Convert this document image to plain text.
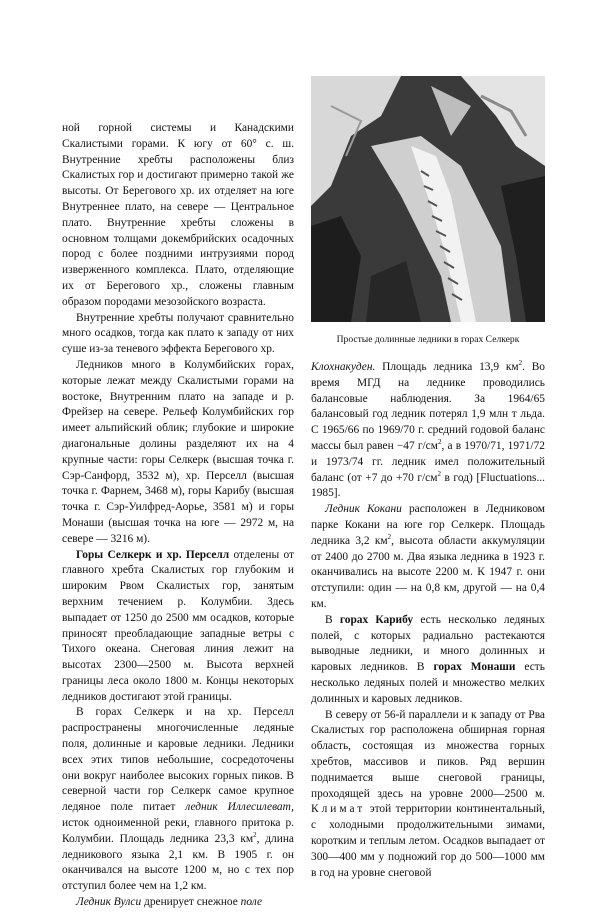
ной горной системы и Канадскими Скалистыми горами. К югу от 60° с. ш. Внутренние хребты расположены близ Скалистых гор и достигают примерно такой же высоты. От Берегового хр. их отделяет на юге Внутреннее плато, на севере — Центральное плато. Внутренние хребты сложены в основном толщами докембрийских осадочных пород с более поздними интрузиями пород изверженного комплекса. Плато, отделяющие их от Берегового хр., сложены главным образом породами мезозойского возраста.

Внутренние хребты получают сравнительно много осадков, тогда как плато к западу от них суше из-за теневого эффекта Берегового хр.

Ледников много в Колумбийских горах, которые лежат между Скалистыми горами на востоке, Внутренним плато на западе и р. Фрейзер на севере. Рельеф Колумбийских гор имеет альпийский облик; глубокие и широкие диагональные долины разделяют их на 4 крупные части: горы Селкерк (высшая точка г. Сэр-Санфорд, 3532 м), хр. Перселл (высшая точка г. Фарнем, 3468 м), горы Карибу (высшая точка г. Сэр-Уилфред-Аорье, 3581 м) и горы Монаши (высшая точка на юге — 2972 м, на севере — 3216 м).

Горы Селкерк и хр. Перселл отделены от главного хребта Скалистых гор глубоким и широким Рвом Скалистых гор, занятым верхним течением р. Колумбии. Здесь выпадает от 1250 до 2500 мм осадков, которые приносят преобладающие западные ветры с Тихого океана. Снеговая линия лежит на высотах 2300—2500 м. Высота верхней границы леса около 1800 м. Концы некоторых ледников достигают этой границы.

В горах Селкерк и на хр. Перселл распространены многочисленные ледяные поля, долинные и каровые ледники. Ледники всех этих типов небольшие, сосредоточены они вокруг наиболее высоких горных пиков. В северной части гор Селкерк самое крупное ледяное поле питает ледник Иллесилеват, исток одноименной реки, главного притока р. Колумбии. Площадь ледника 23,3 $км^2$, длина ледникового языка 2,1 км. В 1905 г. он оканчивался на высоте 1200 м, но с тех пор отступил более чем на 1,2 км.

Ледник Вулси дренирует снежное поле

Простые долинные ледники в горах Селкерк

Клохнакуден. Площадь ледника 13,9 $км^2$. Во время МГД на леднике проводились балансовые наблюдения. За 1964/65 балансовый год ледник потерял 1,9 млн т льда. С 1965/66 по 1969/70 г. средний годовой баланс массы был равен −47 $г/см^2$, а в 1970/71, 1971/72 и 1973/74 гг. ледник имел положительный баланс (от +7 до +70 $г/см^2$ в год) [Fluctuations... 1985].

Ледник Кокани расположен в Ледниковом парке Кокани на юге гор Селкерк. Площадь ледника 3,2 $км^2$, высота области аккумуляции от 2400 до 2700 м. Два языка ледника в 1923 г. оканчивались на высоте 2200 м. К 1947 г. они отступили: один — на 0,8 км, другой — на 0,4 км.

В горах Карибу есть несколько ледяных полей, с которых радиально растекаются выводные ледники, и много долинных и каровых ледников. В горах Монаши есть несколько ледяных полей и множество мелких долинных и каровых ледников.

В северу от 56-й параллели и к западу от Рва Скалистых гор расположена обширная горная область, состоящая из множества горных хребтов, массивов и пиков. Ряд вершин поднимается выше снеговой границы, проходящей здесь на уровне 2000—2500 м. Климат этой территории континентальный, с холодными продолжительными зимами, коротким и теплым летом. Осадков выпадает от 300—400 мм у подножий гор до 500—1000 мм в год на уровне снеговой
